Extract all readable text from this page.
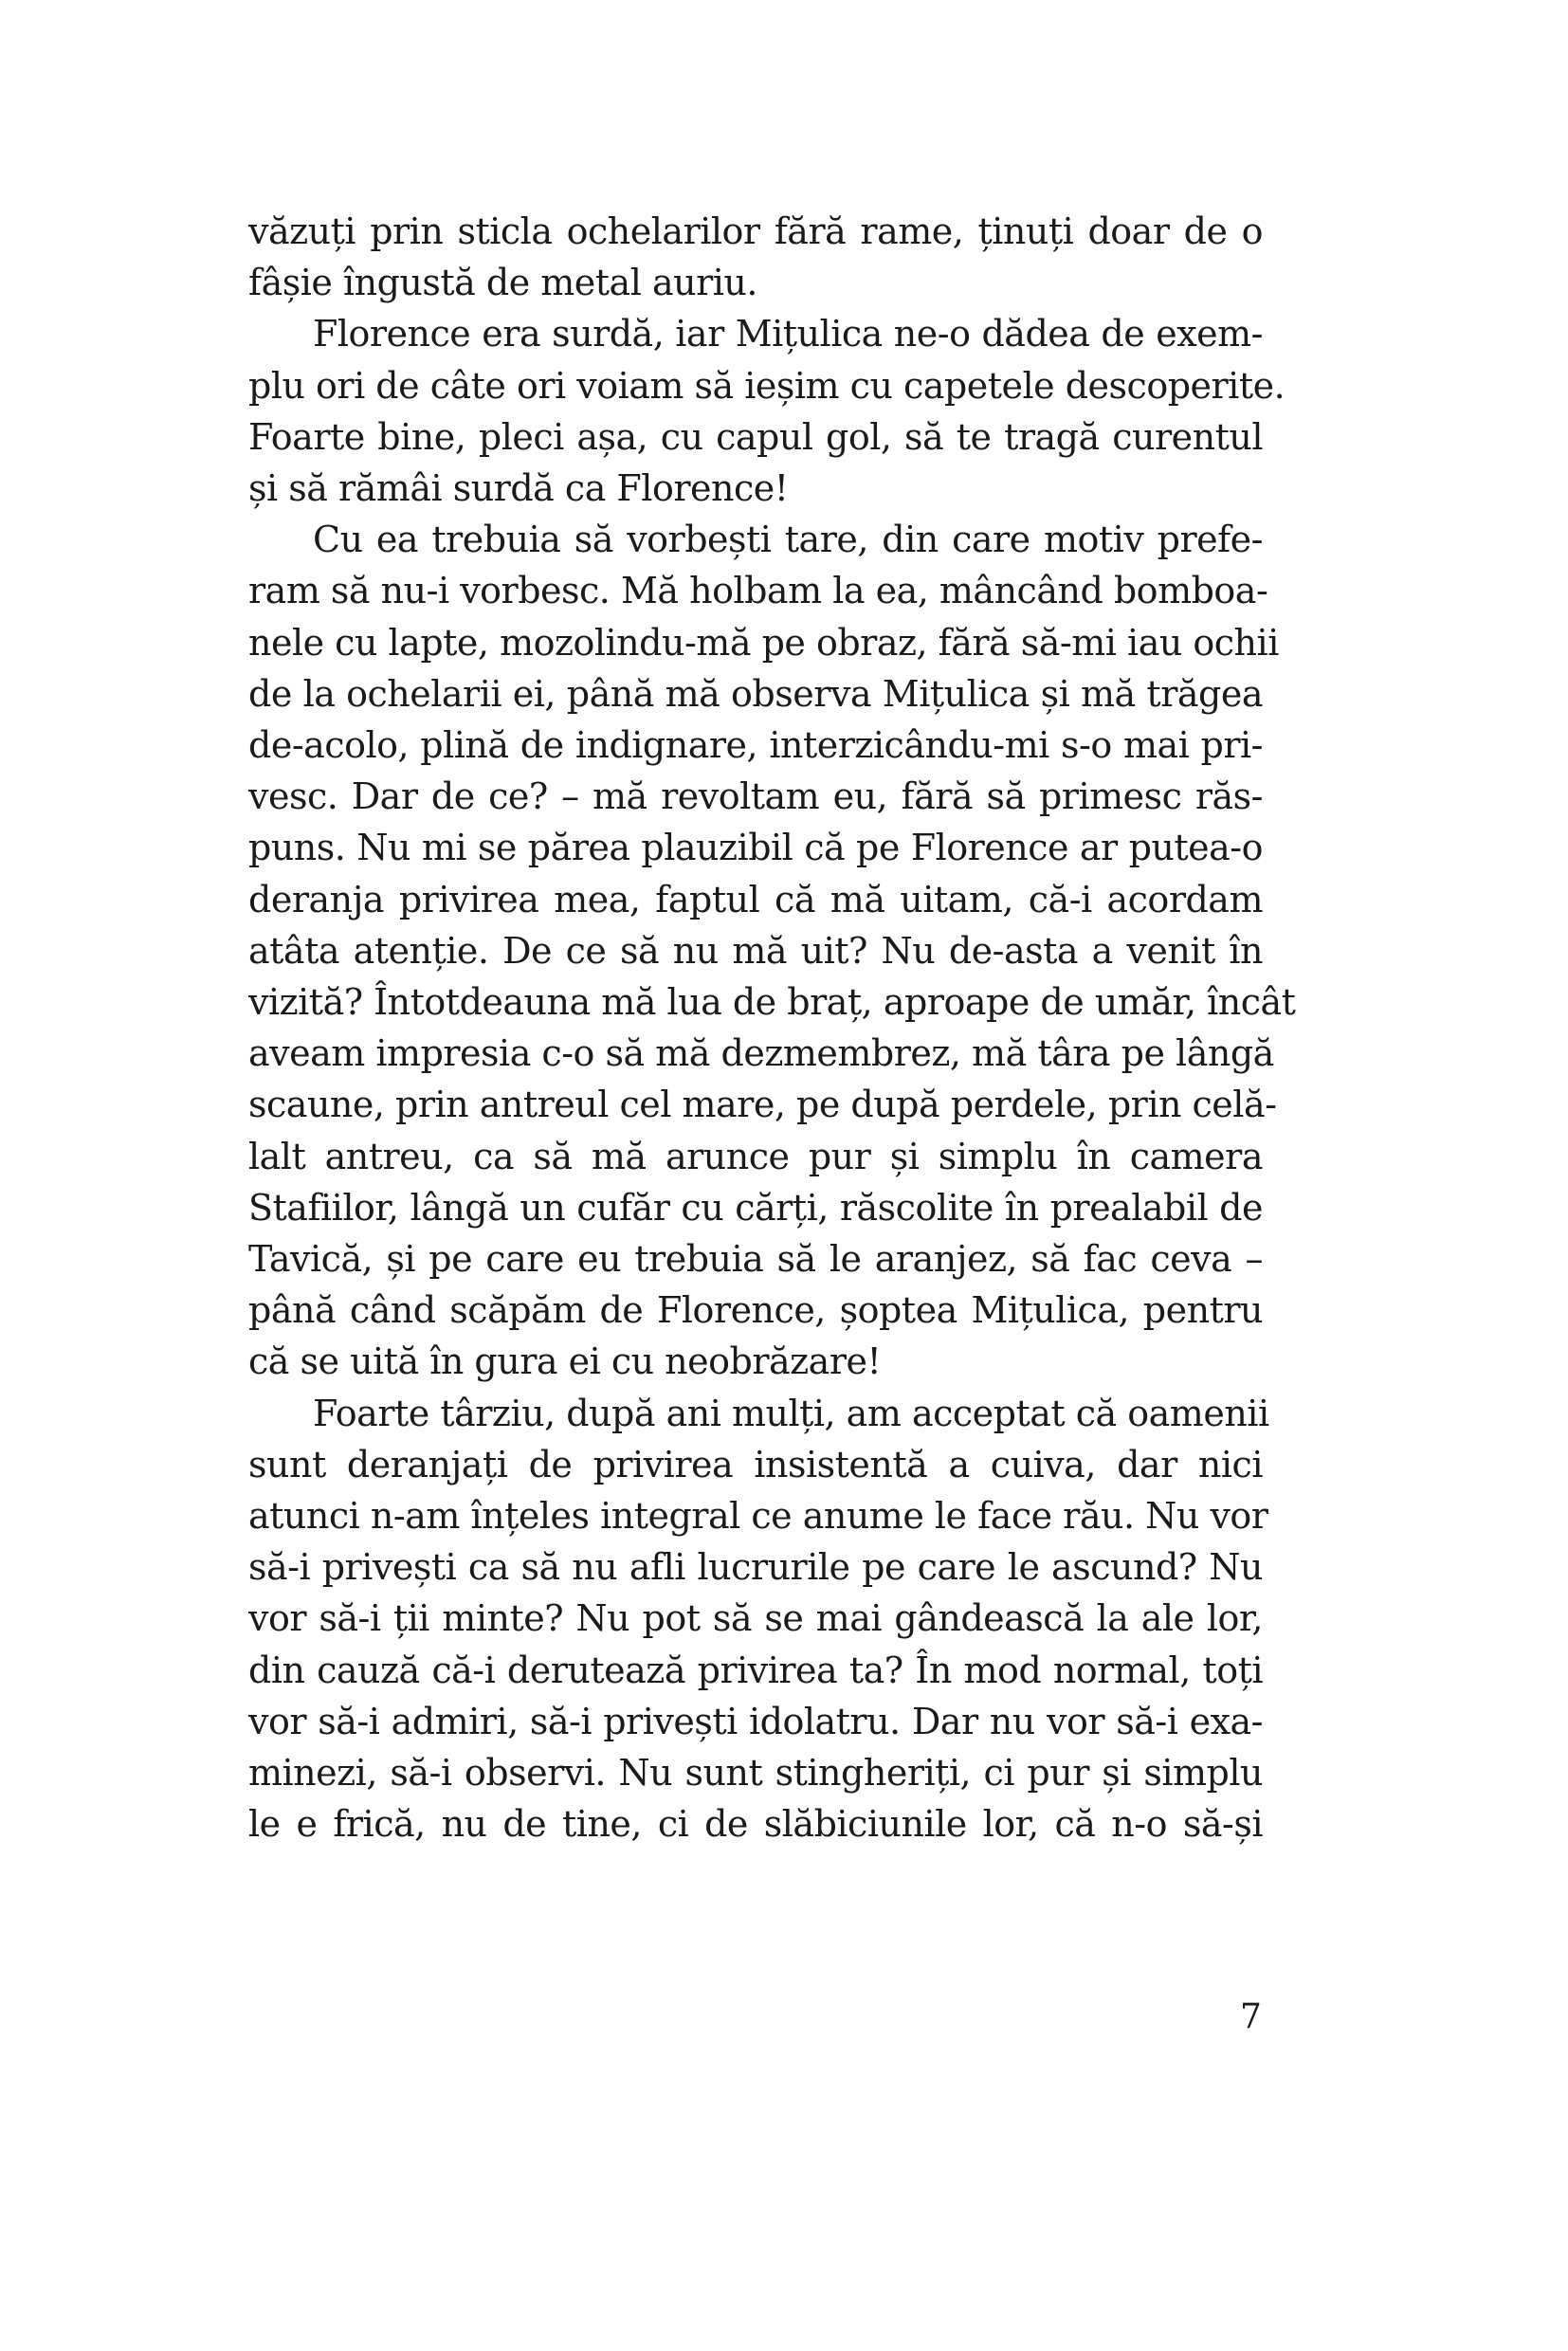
văzuți prin sticla ochelarilor fără rame, ținuți doar de o
fâșie îngustă de metal auriu.
Florence era surdă, iar Mițulica ne-o dădea de exem-
plu ori de câte ori voiam să ieșim cu capetele descoperite.
Foarte bine, pleci așa, cu capul gol, să te tragă curentul
și să rămâi surdă ca Florence!
Cu ea trebuia să vorbești tare, din care motiv prefe-
ram să nu-i vorbesc. Mă holbam la ea, mâncând bomboa-
nele cu lapte, mozolindu-mă pe obraz, fără să-mi iau ochii
de la ochelarii ei, până mă observa Mițulica și mă trăgea
de-acolo, plină de indignare, interzicându-mi s-o mai pri-
vesc. Dar de ce? – mă revoltam eu, fără să primesc răs-
puns. Nu mi se părea plauzibil că pe Florence ar putea-o
deranja privirea mea, faptul că mă uitam, că-i acordam
atâta atenție. De ce să nu mă uit? Nu de-asta a venit în
vizită? Întotdeauna mă lua de braț, aproape de umăr, încât
aveam impresia c-o să mă dezmembrez, mă târa pe lângă
scaune, prin antreul cel mare, pe după perdele, prin celă-
lalt antreu, ca să mă arunce pur și simplu în camera
Stafiilor, lângă un cufăr cu cărți, răscolite în prealabil de
Tavică, și pe care eu trebuia să le aranjez, să fac ceva –
până când scăpăm de Florence, șoptea Mițulica, pentru
că se uită în gura ei cu neobrăzare!
Foarte târziu, după ani mulți, am acceptat că oamenii
sunt deranjați de privirea insistentă a cuiva, dar nici
atunci n-am înțeles integral ce anume le face rău. Nu vor
să-i privești ca să nu afli lucrurile pe care le ascund? Nu
vor să-i ții minte? Nu pot să se mai gândească la ale lor,
din cauză că-i derutează privirea ta? În mod normal, toți
vor să-i admiri, să-i privești idolatru. Dar nu vor să-i exa-
minezi, să-i observi. Nu sunt stingheriți, ci pur și simplu
le e frică, nu de tine, ci de slăbiciunile lor, că n-o să-și
7
